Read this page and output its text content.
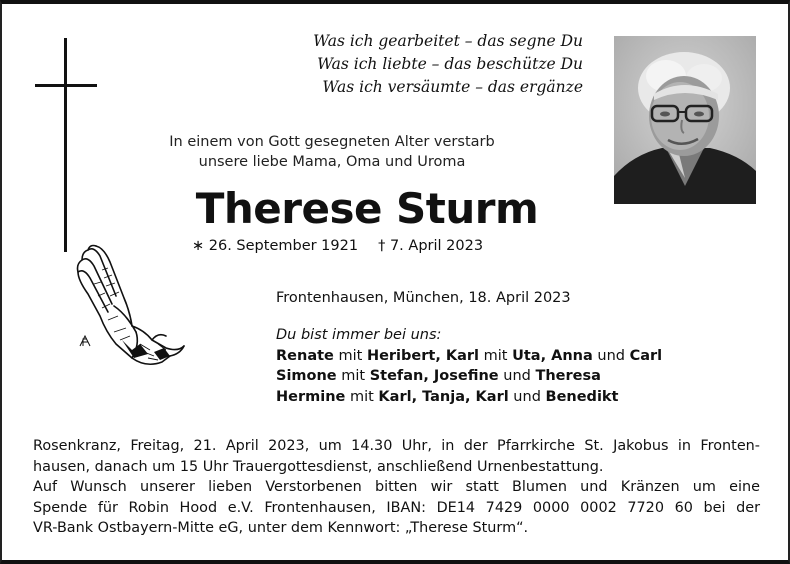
Was ich gearbeitet – das segne Du
Was ich liebte – das beschütze Du
Was ich versäumte – das ergänze
In einem von Gott gesegneten Alter verstarb
unsere liebe Mama, Oma und Uroma
Therese Sturm
∗ 26. September 1921 † 7. April 2023
Frontenhausen, München, 18. April 2023
Du bist immer bei uns:
Renate mit Heribert, Karl mit Uta, Anna und Carl
Simone mit Stefan, Josefine und Theresa
Hermine mit Karl, Tanja, Karl und Benedikt
Rosenkranz, Freitag, 21. April 2023, um 14.30 Uhr, in der Pfarrkirche St. Jakobus in Fronten-
hausen, danach um 15 Uhr Trauergottesdienst, anschließend Urnenbestattung.
Auf Wunsch unserer lieben Verstorbenen bitten wir statt Blumen und Kränzen um eine
Spende für Robin Hood e.V. Frontenhausen, IBAN: DE14 7429 0000 0002 7720 60 bei der
VR-Bank Ostbayern-Mitte eG, unter dem Kennwort: „Therese Sturm“.
